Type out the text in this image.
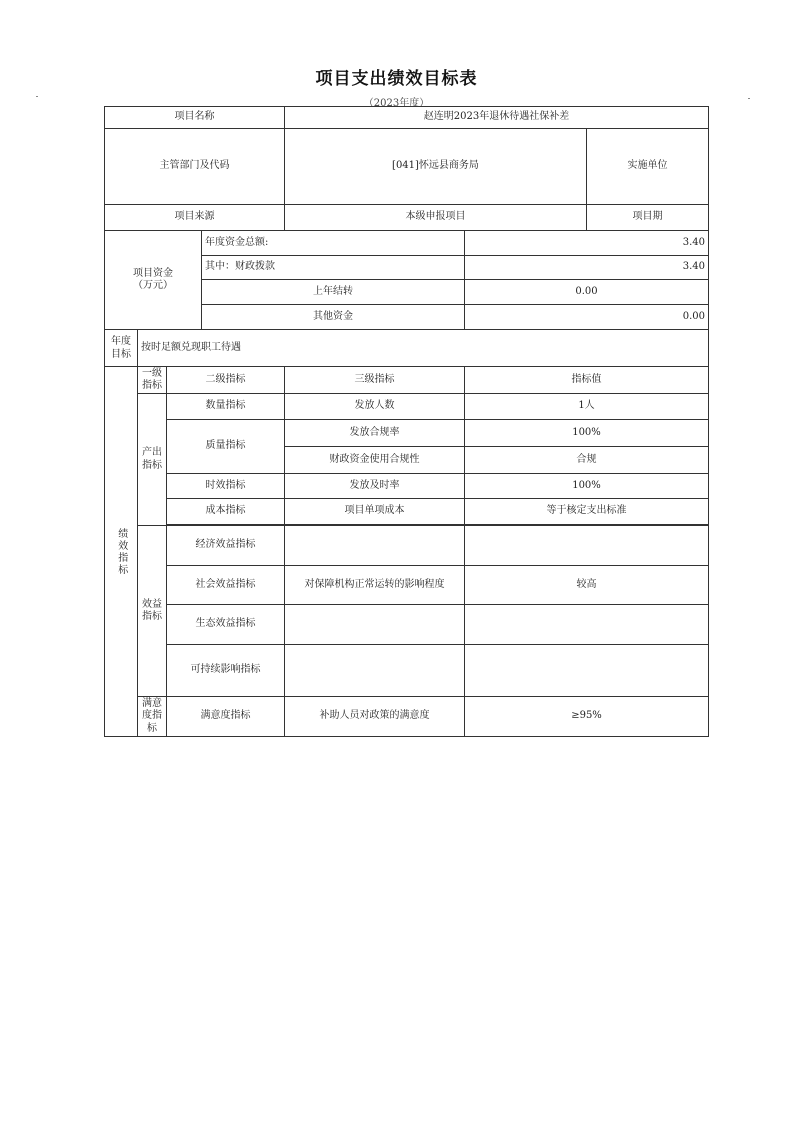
项目支出绩效目标表
（2023年度）
项目名称				赵连明2023年退休待遇社保补差			
主管部门及代码				[041]怀远县商务局		实施单位	
项目来源				本级申报项目		项目期	

项目资金
（万元）			年度资金总额:		3.40		
			其中：财政拨款		3.40		
			上年结转		0.00		
			其他资金		0.00		

年度
目标	按时足额兑现职工待遇						
绩效指标	一级指标	二级指标		三级指标	指标值		
	产出指标	数量指标		发放人数	1人		
		质量指标		发放合规率	100%		
				财政资金使用合规性	合规		
		时效指标		发放及时率	100%		
		成本指标		项目单项成本	等于核定支出标准		

	效益指标	经济效益指标					
		社会效益指标		对保障机构正常运转的影响程度	较高		
		生态效益指标					
		可持续影响指标					
	满意度指标	满意度指标		补助人员对政策的满意度	≥95%		
